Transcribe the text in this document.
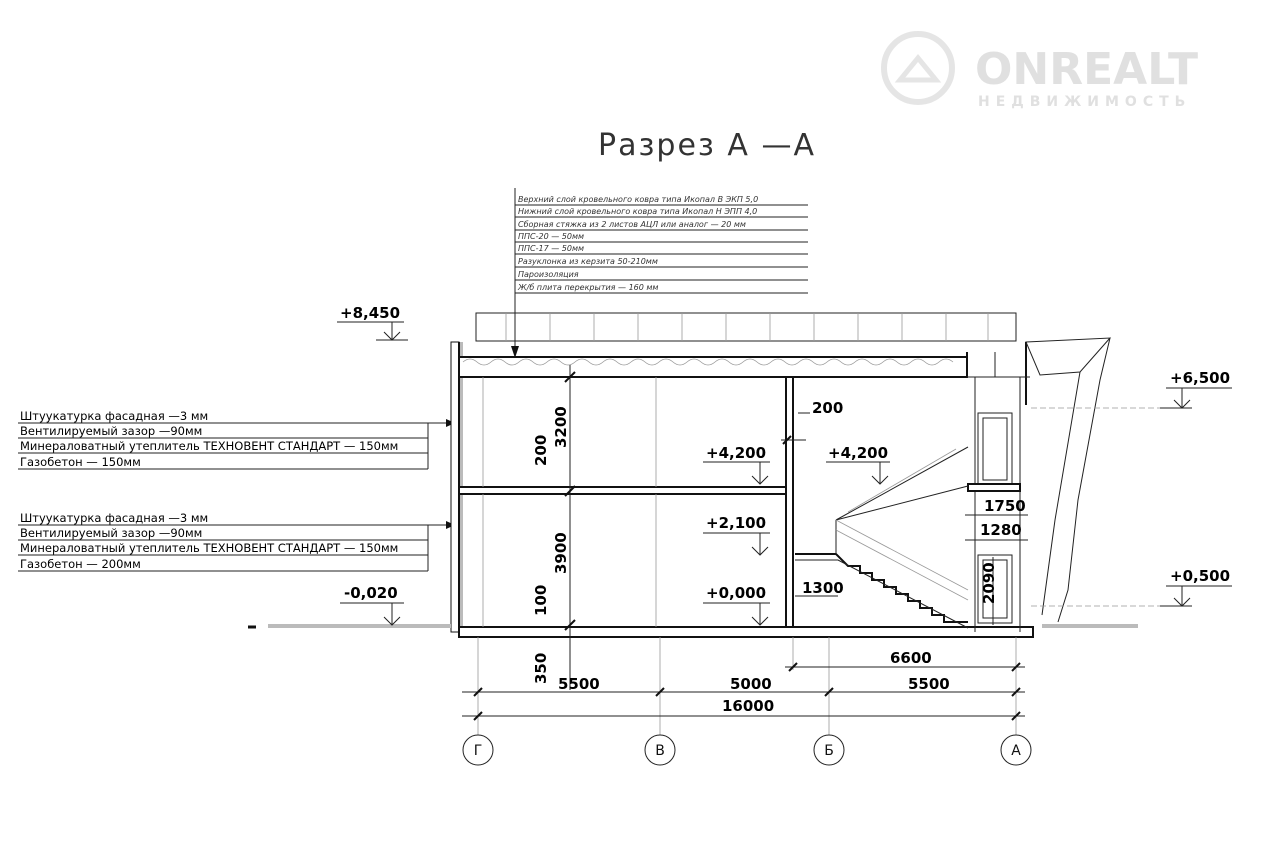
ONREALT
НЕДВИЖИМОСТЬ
Разрез А —А
Верхний слой кровельного ковра типа Икопал В ЭКП 5,0
Нижний слой кровельного ковра типа Икопал Н ЭПП 4,0
Сборная стяжка из 2 листов АЦЛ или аналог — 20 мм
ППС-20 — 50мм
ППС-17 — 50мм
Разуклонка из керзита 50-210мм
Пароизоляция
Ж/б плита перекрытия — 160 мм
Штуукатурка фасадная —3 мм
Вентилируемый зазор —90мм
Минераловатный утеплитель ТЕХНОВЕНТ СТАНДАРТ — 150мм
Газобетон — 150мм
Штуукатурка фасадная —3 мм
Вентилируемый зазор —90мм
Минераловатный утеплитель ТЕХНОВЕНТ СТАНДАРТ — 150мм
Газобетон — 200мм
+8,450
+6,500
+4,200	+4,200
+2,100
+0,000
+0,500
-0,020
3200
200
3900
100
350
2090
200
1750
1280
1300
6600
5500	5000	5500
16000
Г	В	Б	А
